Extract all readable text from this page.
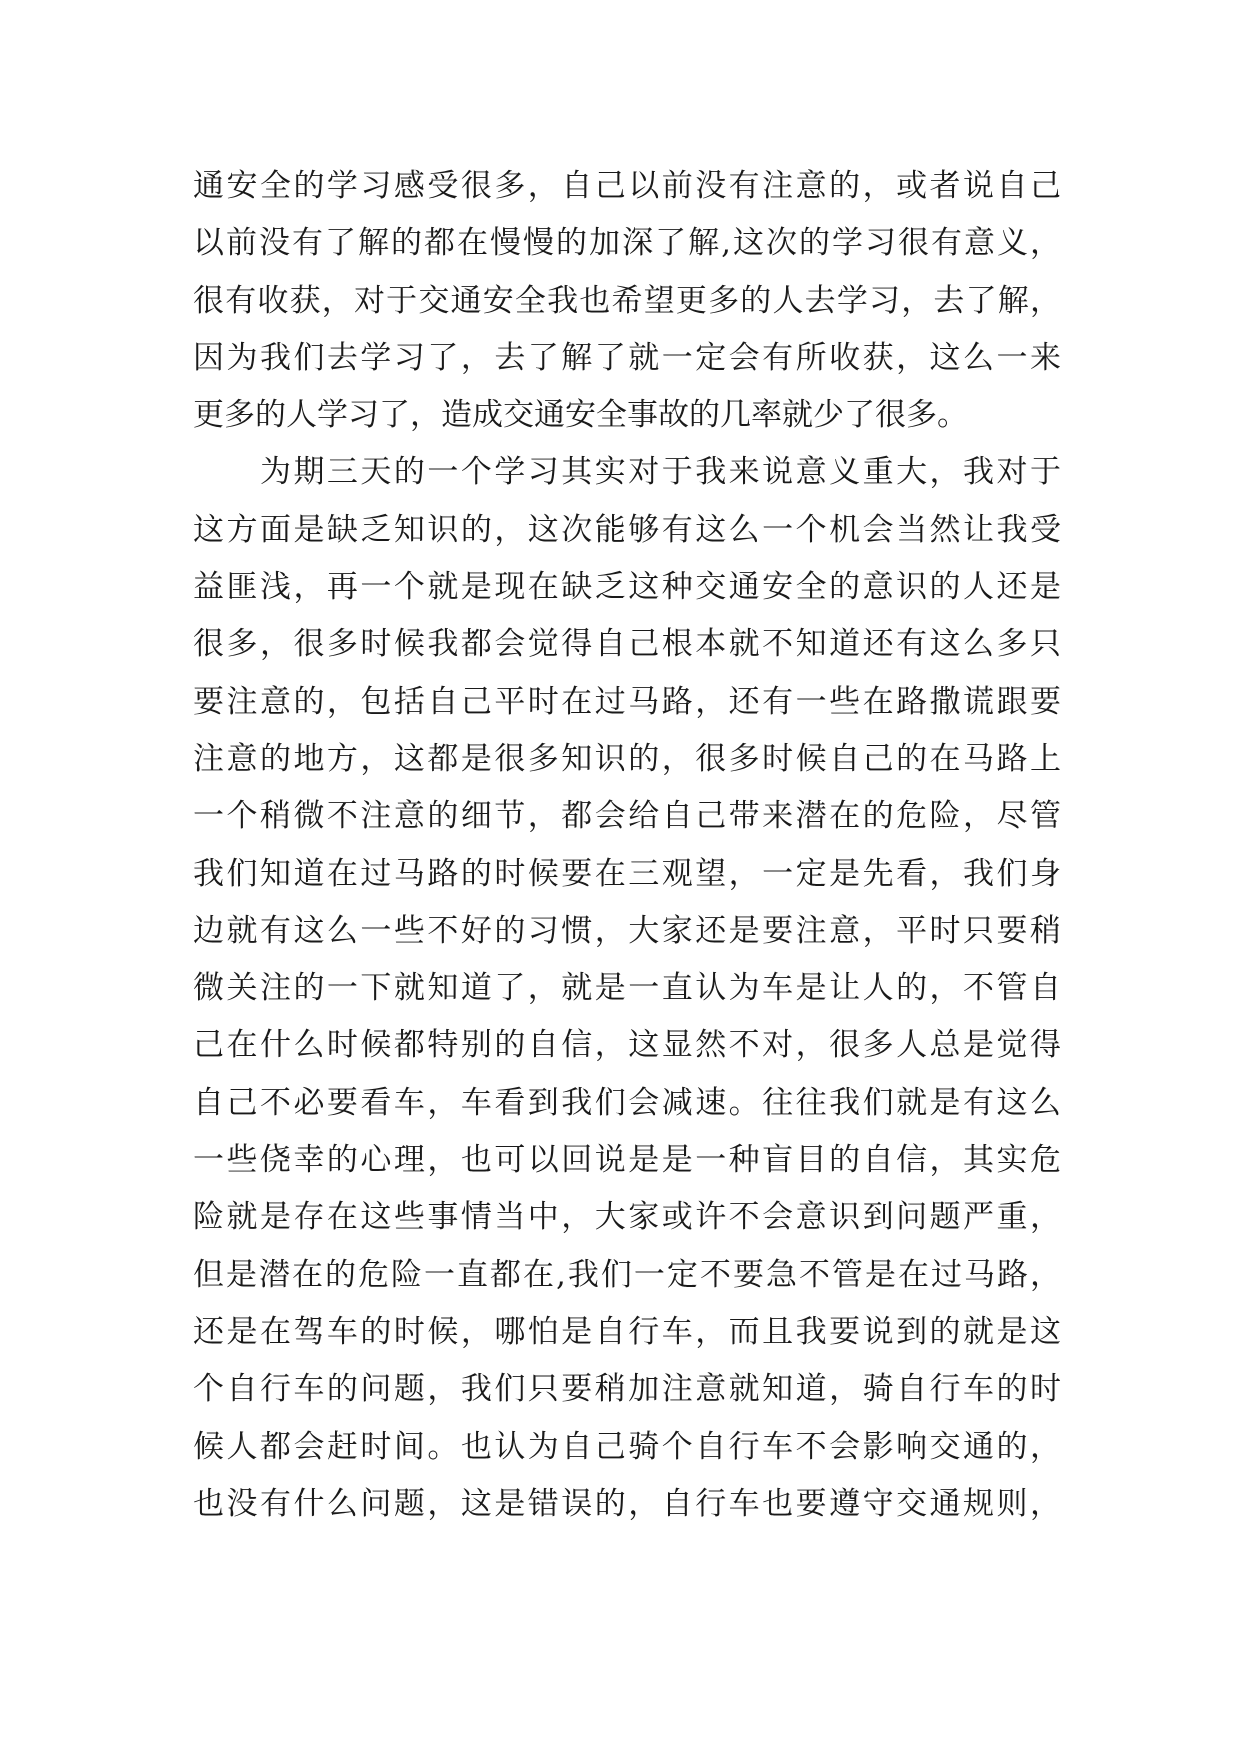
通安全的学习感受很多，自己以前没有注意的，或者说自己
以前没有了解的都在慢慢的加深了解,这次的学习很有意义，
很有收获，对于交通安全我也希望更多的人去学习，去了解，
因为我们去学习了，去了解了就一定会有所收获，这么一来
更多的人学习了，造成交通安全事故的几率就少了很多。
　　为期三天的一个学习其实对于我来说意义重大，我对于
这方面是缺乏知识的，这次能够有这么一个机会当然让我受
益匪浅，再一个就是现在缺乏这种交通安全的意识的人还是
很多，很多时候我都会觉得自己根本就不知道还有这么多只
要注意的，包括自己平时在过马路，还有一些在路撒谎跟要
注意的地方，这都是很多知识的，很多时候自己的在马路上
一个稍微不注意的细节，都会给自己带来潜在的危险，尽管
我们知道在过马路的时候要在三观望，一定是先看，我们身
边就有这么一些不好的习惯，大家还是要注意，平时只要稍
微关注的一下就知道了，就是一直认为车是让人的，不管自
己在什么时候都特别的自信，这显然不对，很多人总是觉得
自己不必要看车，车看到我们会减速。往往我们就是有这么
一些侥幸的心理，也可以回说是是一种盲目的自信，其实危
险就是存在这些事情当中，大家或许不会意识到问题严重，
但是潜在的危险一直都在,我们一定不要急不管是在过马路，
还是在驾车的时候，哪怕是自行车，而且我要说到的就是这
个自行车的问题，我们只要稍加注意就知道，骑自行车的时
候人都会赶时间。也认为自己骑个自行车不会影响交通的，
也没有什么问题，这是错误的，自行车也要遵守交通规则，
